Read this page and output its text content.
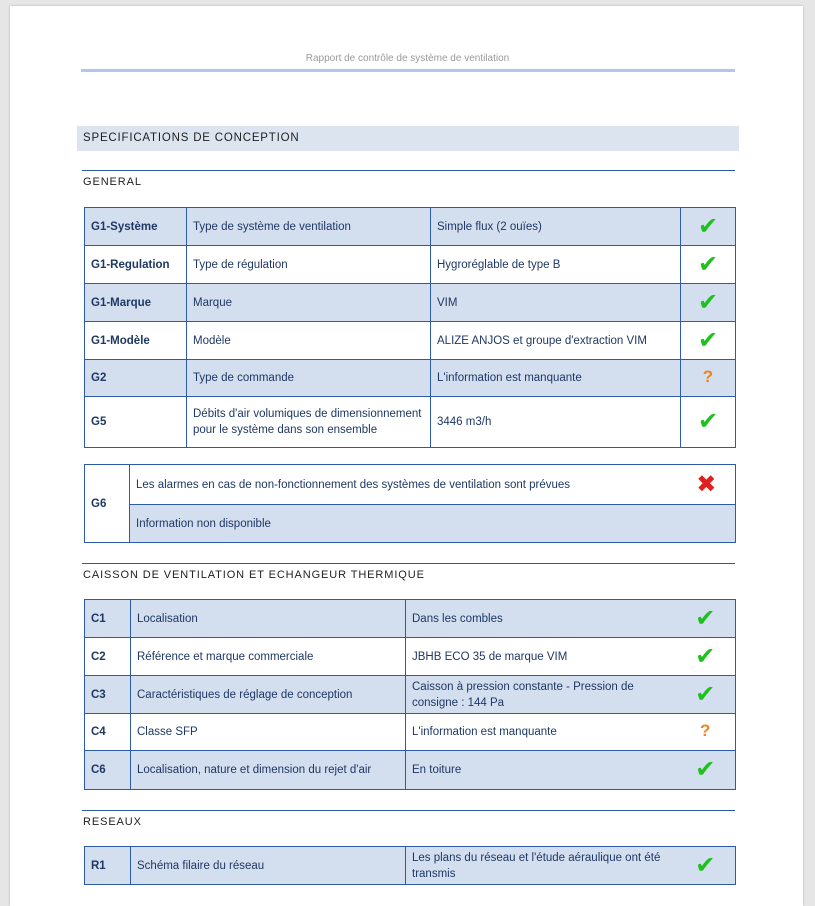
Rapport de contrôle de système de ventilation
SPECIFICATIONS DE CONCEPTION
GENERAL
G1-Système	Type de système de ventilation	Simple flux (2 ouïes)	✔
G1-Regulation	Type de régulation	Hygroréglable de type B	✔
G1-Marque	Marque	VIM	✔
G1-Modèle	Modèle	ALIZE ANJOS et groupe d'extraction VIM	✔
G2	Type de commande	L'information est manquante	?
G5	Débits d'air volumiques de dimensionnement pour le système dans son ensemble	3446 m3/h	✔
G6	Les alarmes en cas de non-fonctionnement des systèmes de ventilation sont prévues	✖
Information non disponible
CAISSON DE VENTILATION ET ECHANGEUR THERMIQUE
C1	Localisation	Dans les combles	✔
C2	Référence et marque commerciale	JBHB ECO 35 de marque VIM	✔
C3	Caractéristiques de réglage de conception	Caisson à pression constante - Pression de consigne : 144 Pa	✔
C4	Classe SFP	L'information est manquante	?
C6	Localisation, nature et dimension du rejet d'air	En toiture	✔
RESEAUX
R1	Schéma filaire du réseau	Les plans du réseau et l'étude aéraulique ont été transmis	✔
